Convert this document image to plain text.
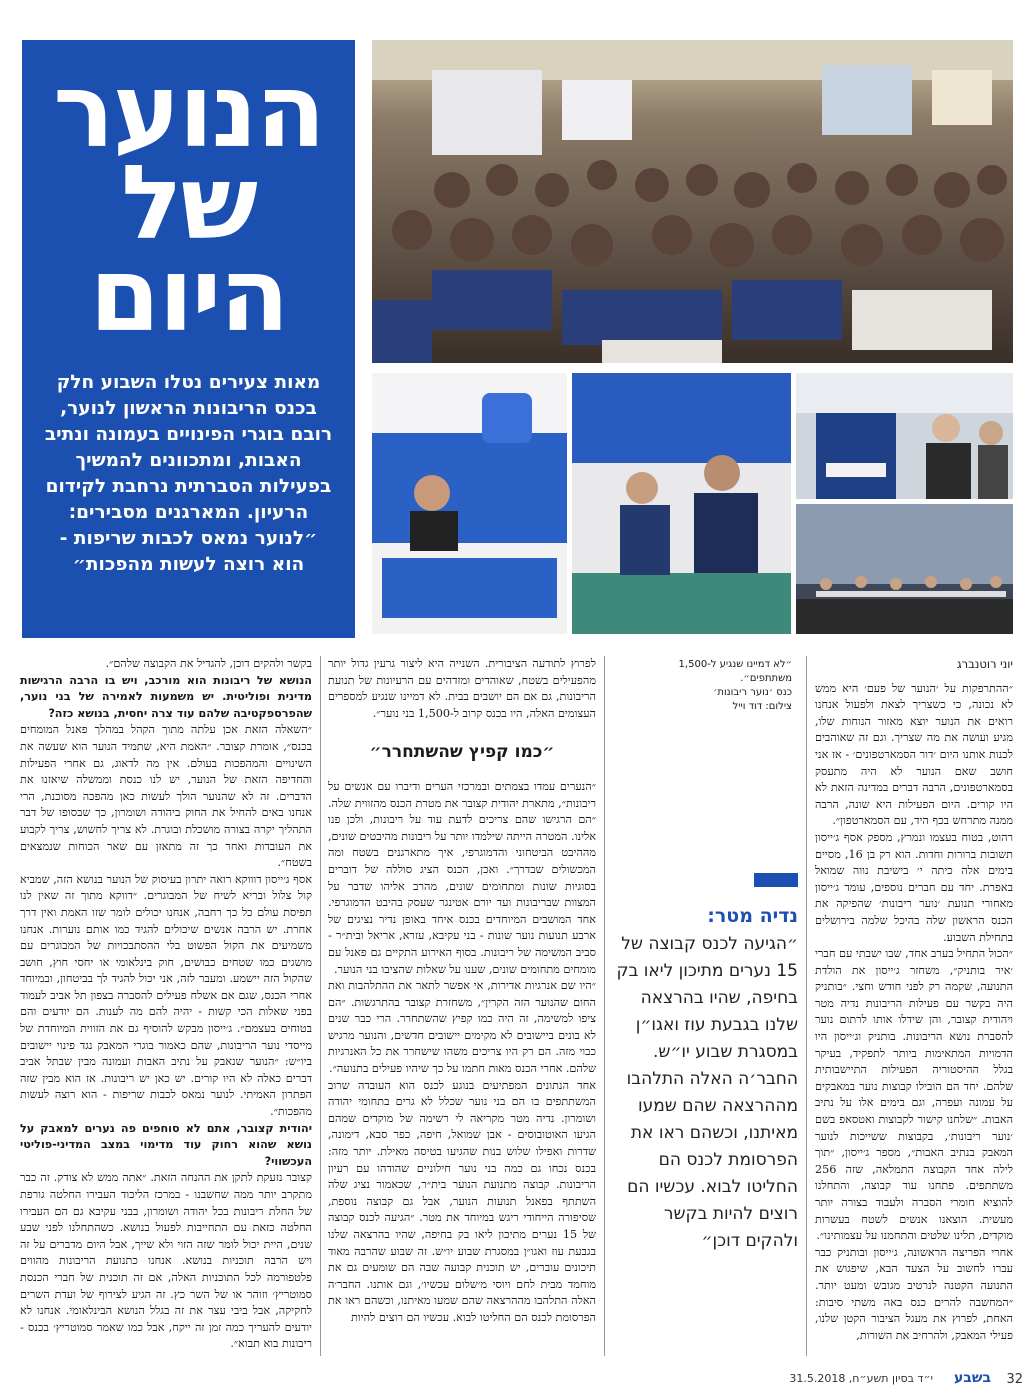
הנוער
של
היום
מאות צעירים נטלו השבוע חלק בכנס הריבונות הראשון לנוער, רובם בוגרי הפינויים בעמונה ונתיב האבות, ומתכוונים להמשיך בפעילות הסברתית נרחבת לקידום הרעיון. המארגנים מסבירים: ״לנוער נמאס לכבות שריפות - הוא רוצה לעשות מהפכות״
״לא דמיינו שנגיע ל-1,500 משתתפים״.
כנס ׳נוער ריבונות׳
צילום: דוד וייל
יוני רוטנברג

״ההתרפקות על ׳הנוער של פעם׳ היא ממש לא נכונה, כי כשצריך לצאת ולפעול אנחנו רואים את הנוער יוצא מאזור הנוחות שלו, מגיע ועושה את מה שצריך. וגם זה שאוהבים לכנות אותנו היום ׳דור הסמארטפונים׳ - אז אני חושב שאם הנוער לא היה מתעסק בסמארטפונים, הרבה דברים במדינה הזאת לא היו קורים. היום הפעילות היא שונה, הרבה ממנה מתרחש בכף היד, עם הסמארטפון״.

רהוט, בטוח בעצמו ונמרץ, מספק אסף ג׳ייסון תשובות ברורות וחדות. הוא רק בן 16, מסיים בימים אלה כיתה י׳ בישיבת נווה שמואל באפרת. יחד עם חברים נוספים, עומד ג׳ייסון מאחורי תנועת ׳נוער ריבונות׳ שהפיקה את הכנס הראשון שלה בהיכל שלמה בירושלים בתחילת השבוע.

״הכול התחיל בערב אחד, שבו ישבתי עם חברי ׳איר בותניק״, משחזר ג׳ייסון את הולדת התנועה, שקמה רק לפני חודש וחצי. ״בותניק היה בקשר עם פעילות הריבונות נדיה מטר ויהודית קצובר, והן שידלו אותו לרתום נוער להסברת נושא הריבונות. בותניק וג׳ייסון היו הדמויות המתאימות ביותר לתפקיד, בעיקר בגלל ההיסטוריה הפעילות התיישבותית שלהם. יחד הם הובילו קבוצות נוער במאבקים על עמונה ועפרה, וגם בימים אלו על נתיב האבות. ״שלחנו קישור לקבוצות ואטסאפ בשם ׳נוער ריבונות׳, בקבוצות ששייכות לנוער המאבק בנתיב האבות״, מספר ג׳ייסון, ״תוך לילה אחד הקבוצה התמלאה, שזה 256 משתתפים. פתחנו עוד קבוצה, והתחלנו להוציא חומרי הסברה ולעבוד בצורה יותר מעשית. הוצאנו אנשים לשטח בעשרות מוקדים, תלינו שלטים והתחמנו על עצמותינו״.

אחרי הפריצה הראשונה, ג׳ייסון ובותניק כבר עברו לחשוב על הצעד הבא, שיפגוש את התנועה הקטנה לנרטיב מגובש ומעט יותר. ״המחשבה להרים כנס באה משתי סיבות: האחת, לפרוץ את מעגל הציבור הקטן שלנו, פעילי המאבק, ולהרחיב את השורות,

נדיה מטר:
״הגיעה לכנס קבוצה של 15 נערים מתיכון ליאו בק בחיפה, שהיו בהרצאה שלנו בגבעת עוז ואגו״ן במסגרת שבוע יו״ש. החבר׳ה האלה התלהבו מההרצאה שהם שמעו מאיתנו, וכשהם ראו את הפרסומת לכנס הם החליטו לבוא. עכשיו הם רוצים להיות בקשר ולהקים דוכן״

לפרוץ לתודעה הציבורית. השנייה היא ליצור גרעין גדול יותר מהפעילים בשטח, שאוהדים ומזדהים עם הרעיונות של תנועת הריבונות, גם אם הם יושבים בבית. לא דמיינו שנגיע למספרים העצומים האלה, היו בכנס קרוב ל-1,500 בני נוער״.

״כמו קפיץ שהשתחרר״

״הנערים עמדו בצמתים ובמרכזי הערים ודיברו עם אנשים על ריבונות״, מתארת יהודית קצובר את מטרת הכנס מהזווית שלה. ״הם הרגישו שהם צריכים לדעת עוד על ריבונות, ולכן פנו אלינו. המטרה הייתה שילמדו יותר על ריבונות מהיבטים שונים, מההיבט הביטחוני והדמוגרפי, איך מתארגנים בשטח ומה המכשולים שבדרך״. ואכן, הכנס הציג סוללה של דוברים בסוגיות שונות ומתחומים שונים, מהרב אליהו שדבר על המצוות שבריבונות ועד יורם אטינגר שעסק בהיבט הדמוגרפי. אחד המושבים המיוחדים בכנס איחד באופן נדיר נציגים של ארבע תנועות נוער שונות - בני עקיבא, עזרא, אריאל ובית״ר - סביב המשימה של ריבונות. בסוף האירוע התקיים גם פאנל עם מומחים מתחומים שונים, שענו על שאלות שהציבו בני הנוער.

״היו שם אנרגיות אדירות, אי אפשר לתאר את ההתלהבות ואת החום שהנוער הזה הקרין״, משחזרת קצובר בהתרגשות. ״הם ציפו למשימה, זה היה כמו קפיץ שהשתחרר. הרי כבר שנים לא בונים ביישובים לא מקימים יישובים חדשים, והנוער מרגיש כבוי מזה. הם רק היו צריכים משהו שישחרר את כל האנרגיות שלהם. אחרי הכנס מאות חתמו על כך שיהיו פעילים בתנועה״.

אחד הנתונים המפתיעים בנוגע לכנס הוא העובדה שרוב המשתתפים בו הם בני נוער שכלל לא גרים בתחומי יהודה ושומרון. נדיה מטר מקריאה לי רשימה של מוקדים שמהם הגיעו האוטובוסים - אבן שמואל, חיפה, כפר סבא, דימונה, שדרות ואפילו שלוש בנות שהגיעו בטיסה מאילת. יותר מזה: בכנס נכחו גם כמה בני נוער חילוניים שהודהו עם רעיון הריבונות. קבוצה מתנועת הנוער בית״ר, שכאמור נציג שלה השתתף בפאנל תנועות הנוער, אבל גם קבוצה נוספת, שסיפורה הייחודי ריגש במיוחד את מטר. ״הגיעה לכנס קבוצה של 15 נערים מתיכון ליאו בק בחיפה, שהיו בהרצאה שלנו בגבעת עוז ואגו״ן במסגרת שבוע יו״ש. זה שבוע שהרבה מאוד תיכונים עוברים, יש תוכנית קבועה שבה הם שומעים גם את מוחמד מבית לחם ויוסי מ׳שלום עכשיו׳, וגם אותנו. החבר׳ה האלה התלהבו מההרצאה שהם שמעו מאיתנו, וכשהם ראו את הפרסומת לכנס הם החליטו לבוא. עכשיו הם רוצים להיות

בקשר ולהקים דוכן, להגדיל את הקבוצה שלהם״.

הנושא של ריבונות הוא מורכב, ויש בו הרבה הרגישות מדינית ופוליטית. יש משמעות לאמירה של בני נוער, שהפרספקטיבה שלהם עוד צרה יחסית, בנושא כזה?

״השאלה הזאת אכן עלתה מתוך הקהל במהלך פאנל המומחים בכנס״, אומרת קצובר. ״האמת היא, שתמיד הנוער הוא שעשה את השינויים והמהפכות בעולם. אין מה לדאוג, גם אחרי הפעילות והחדיפה הזאת של הנוער, יש לנו כנסת וממשלה שיאזנו את הדברים. זה לא שהנוער הולך לעשות כאן מהפכה מסוכנת, הרי אנחנו באים להחיל את החוק ביהודה ושומרון, כך שבסופו של דבר התהליך יקרה בצורה מושכלת ובוגרת. לא צריך לחשוש, צריך לקבוע את העובדות ואחר כך זה מתאזן עם שאר הכוחות שנמצאים בשטח״.

אסף ג׳ייסון דוווקא רואה יתרון בעיסוק של הנוער בנושא הזה, שמביא קול צלול ובריא לשיח של המבוגרים. ״דווקא מתוך זה שאין לנו תפיסת עולם כל כך רחבה, אנחנו יכולים לומר שזו האמת ואין דרך אחרת. יש הרבה אנשים שיכולים להגיד כמו אותם נוערות. אנחנו משמיעים את הקול הפשוט בלי ההסתבכויות של המבוגרים עם מושגים כמו שטחים כבושים, חוק בינלאומי או יחסי חוץ, חושב שהקול הזה יישמע. ומעבר לזה, אני יכול להגיד לך בביטחון, ובמיוחד אחרי הכנס, שגם אם אשלח פעילים להסברה בצפון תל אביב לעמוד בפני שאלות הכי קשות - יהיה להם מה לענות. הם יודעים והם בטוחים בעצמם״. ג׳ייסון מבקש להוסיף גם את הזווית המיוחדת של מייסדי נוער הריבונות, שהם כאמור בוגרי המאבק נגד פינוי יישובים ביו״ש: ״הנוער שנאבק על נתיב האבות ועמונה מבין שבתל אביב דברים כאלה לא היו קורים. יש כאן יש ריבונות. אז הוא מבין שזה הפתרון האמיתי. לנוער נמאס לכבות שריפות - הוא רוצה לעשות מהפכות״.

יהודית קצובר, אתם לא סוחפים פה נערים למאבק על נושא שהוא רחוק עוד מדימוי במצב המדיני-פוליטי העכשווי?

קצובר נזעקת לתקן את ההנחה הזאת. ״אתה ממש לא צודק. זה כבר מתקרב יותר ממה שחשבנו - במרכז הליכוד העבירו החלטה גורפת של החלת ריבונות בכל יהודה ושומרון, בבני עקיבא גם הם העבירו החלטה כזאת עם התחייבות לפעול בנושא. כשהתחלנו לפני שבע שנים, היית יכול לומר שזה הזוי ולא שייך, אבל היום מדברים על זה ויש הרבה תוכניות בנושא. אנחנו כתנועת הריבונות מהווים פלטפורמה לכל התוכניות האלה, אם זה תוכנית של חברי הכנסת סמוטריץ׳ וזוהר או של השר כץ. זה הגיע לצירוף של ועדת השרים לחקיקה, אבל ביבי עצר את זה בגלל הנושא הבינלאומי. אנחנו לא יודעים להעריך כמה זמן זה ייקח, אבל כמו שאמר סמוטריץ׳ בכנס - ריבונות בוא תבוא״.

32
בשבע
י״ד בסיון תשע״ח, 31.5.2018
